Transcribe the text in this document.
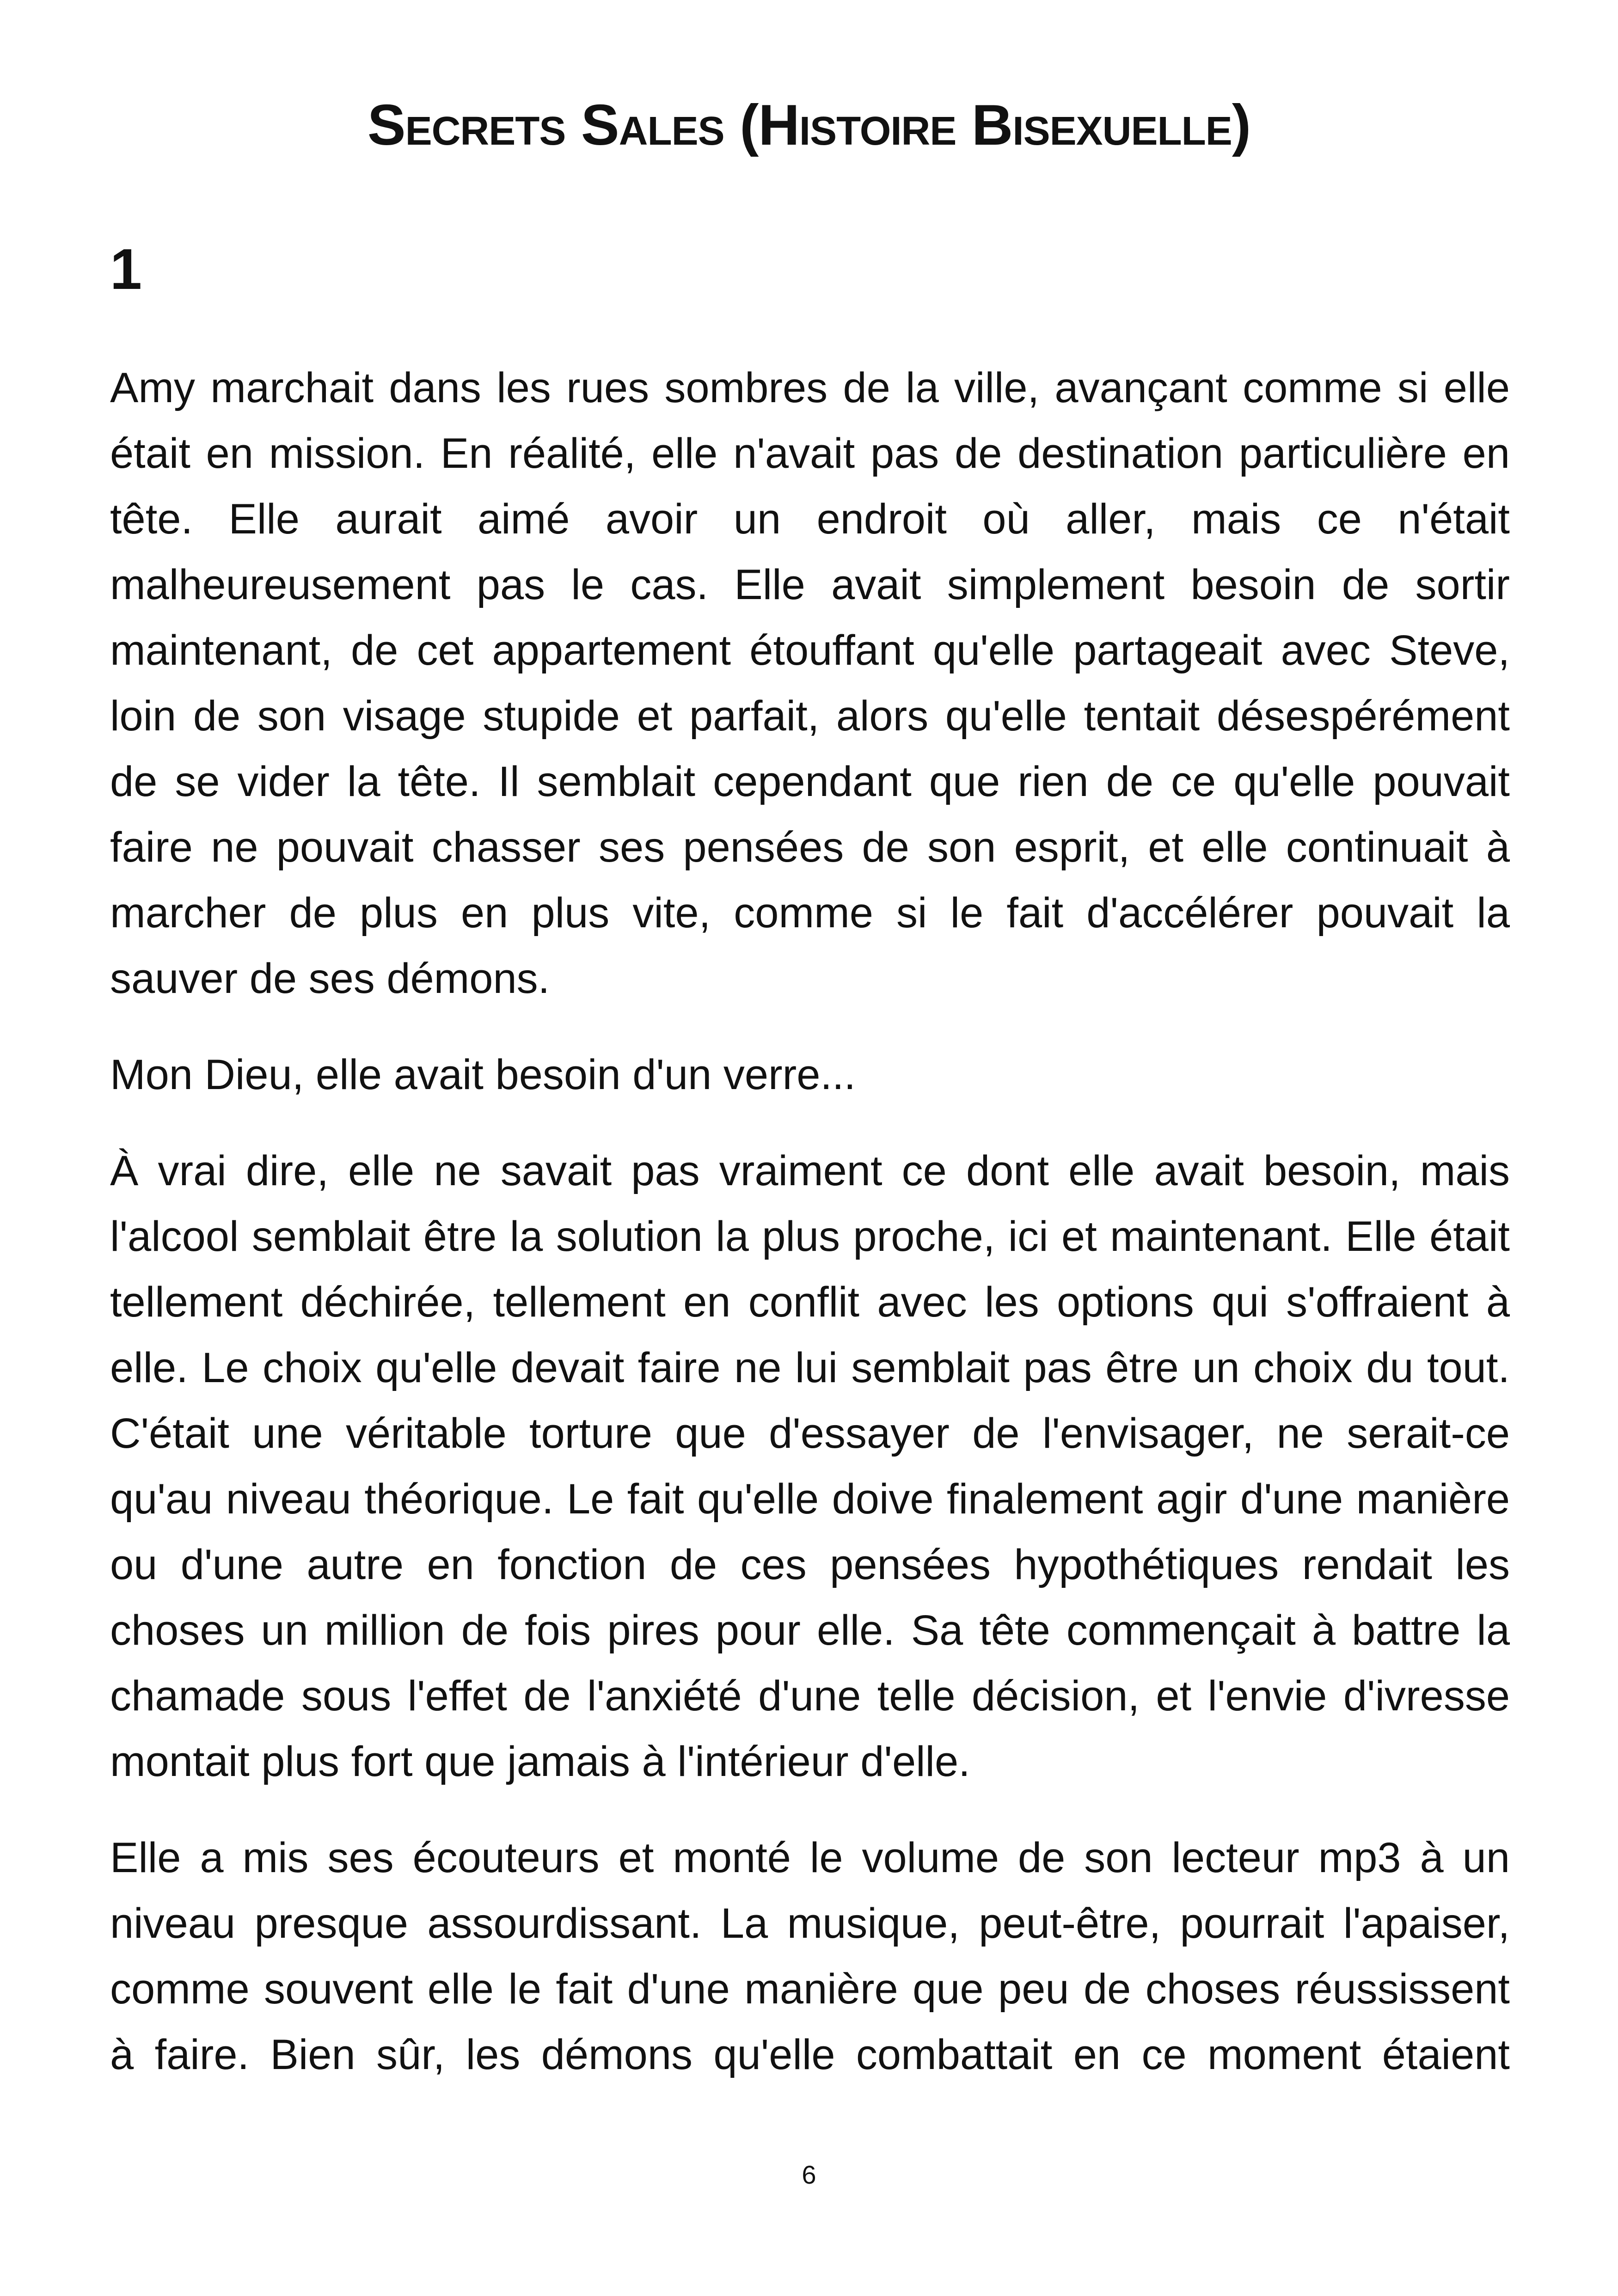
Secrets Sales (Histoire Bisexuelle)
1

Amy marchait dans les rues sombres de la ville, avançant comme si elle était en mission. En réalité, elle n'avait pas de destination particulière en tête. Elle aurait aimé avoir un endroit où aller, mais ce n'était malheureusement pas le cas. Elle avait simplement besoin de sortir maintenant, de cet appartement étouffant qu'elle partageait avec Steve, loin de son visage stupide et parfait, alors qu'elle tentait désespérément de se vider la tête. Il semblait cependant que rien de ce qu'elle pouvait faire ne pouvait chasser ses pensées de son esprit, et elle continuait à marcher de plus en plus vite, comme si le fait d'accélérer pouvait la sauver de ses démons.

Mon Dieu, elle avait besoin d'un verre...

À vrai dire, elle ne savait pas vraiment ce dont elle avait besoin, mais l'alcool semblait être la solution la plus proche, ici et maintenant. Elle était tellement déchirée, tellement en conflit avec les options qui s'offraient à elle. Le choix qu'elle devait faire ne lui semblait pas être un choix du tout. C'était une véritable torture que d'essayer de l'envisager, ne serait-ce qu'au niveau théorique. Le fait qu'elle doive finalement agir d'une manière ou d'une autre en fonction de ces pensées hypothétiques rendait les choses un million de fois pires pour elle. Sa tête commençait à battre la chamade sous l'effet de l'anxiété d'une telle décision, et l'envie d'ivresse montait plus fort que jamais à l'intérieur d'elle.

Elle a mis ses écouteurs et monté le volume de son lecteur mp3 à un niveau presque assourdissant. La musique, peut-être, pourrait l'apaiser, comme souvent elle le fait d'une manière que peu de choses réussissent à faire. Bien sûr, les démons qu'elle combattait en ce moment étaient

6
